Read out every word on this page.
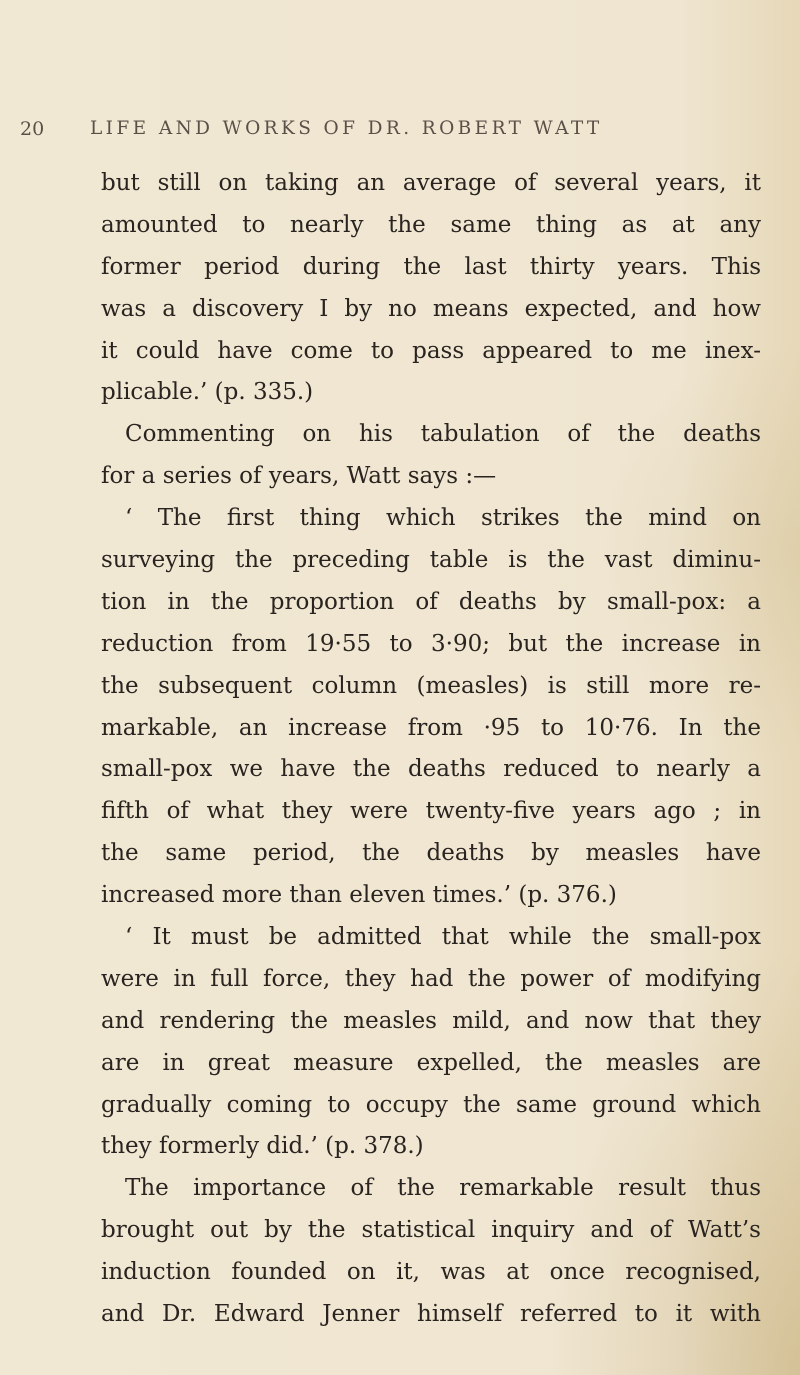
20 LIFE AND WORKS OF DR. ROBERT WATT
but still on taking an average of several years, it
amounted to nearly the same thing as at any
former period during the last thirty years. This
was a discovery I by no means expected, and how
it could have come to pass appeared to me inex-
plicable.’ (p. 335.)
Commenting on his tabulation of the deaths
for a series of years, Watt says :—
‘ The first thing which strikes the mind on
surveying the preceding table is the vast diminu-
tion in the proportion of deaths by small-pox: a
reduction from 19·55 to 3·90; but the increase in
the subsequent column (measles) is still more re-
markable, an increase from ·95 to 10·76. In the
small-pox we have the deaths reduced to nearly a
fifth of what they were twenty-five years ago ; in
the same period, the deaths by measles have
increased more than eleven times.’ (p. 376.)
‘ It must be admitted that while the small-pox
were in full force, they had the power of modifying
and rendering the measles mild, and now that they
are in great measure expelled, the measles are
gradually coming to occupy the same ground which
they formerly did.’ (p. 378.)
The importance of the remarkable result thus
brought out by the statistical inquiry and of Watt’s
induction founded on it, was at once recognised,
and Dr. Edward Jenner himself referred to it with
